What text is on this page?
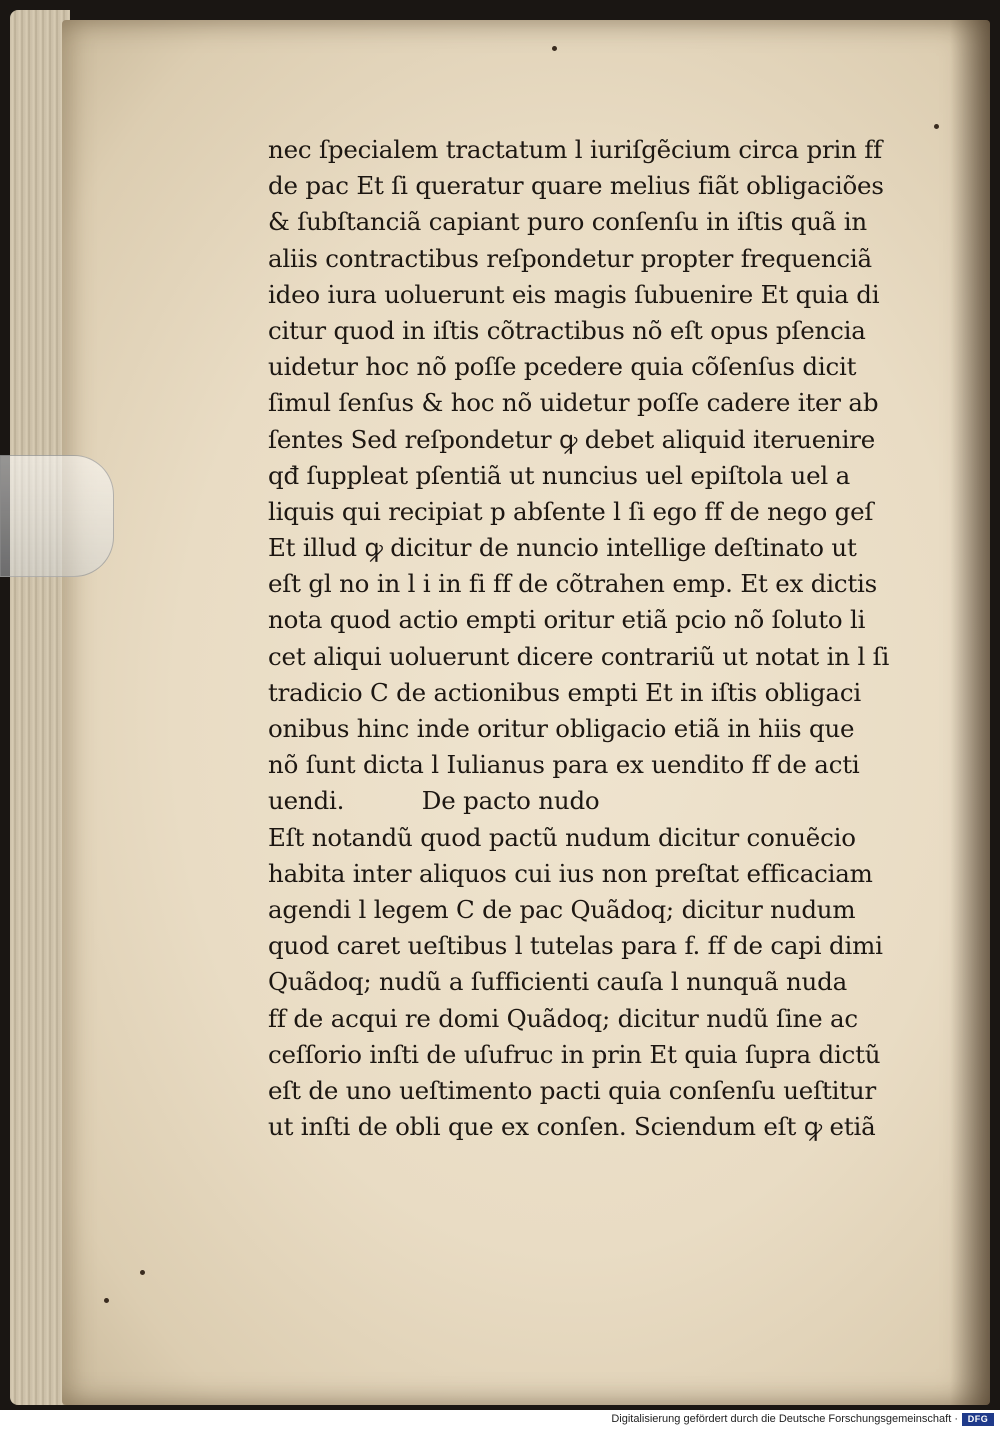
nec ſpecialem tractatum l iuriſgẽcium circa prin ff
de pac Et ſi queratur quare melius fiãt obligaciões
& ſubſtanciã capiant puro conſenſu in iſtis quã in
aliis contractibus reſpondetur propter frequenciã
ideo iura uoluerunt eis magis ſubuenire Et quia di
citur quod in iſtis cõtractibus nõ eſt opus pſencia
uidetur hoc nõ poſſe pcedere quia cõſenſus dicit
ſimul ſenſus & hoc nõ uidetur poſſe cadere iter ab
ſentes Sed reſpondetur ꝙ debet aliquid iteruenire
qđ ſuppleat pſentiã ut nuncius uel epiſtola uel a
liquis qui recipiat p abſente l ſi ego ff de nego geſ
Et illud ꝙ dicitur de nuncio intellige deſtinato ut
eſt gl no in l i in fi ff de cõtrahen emp. Et ex dictis
nota quod actio empti oritur etiã pcio nõ ſoluto li
cet aliqui uoluerunt dicere contrariũ ut notat in l ſi
tradicio C de actionibus empti Et in iſtis obligaci
onibus hinc inde oritur obligacio etiã in hiis que
nõ ſunt dicta l Iulianus para ex uendito ff de acti
uendi.	De pacto nudo
Eſt notandũ quod pactũ nudum dicitur conuẽcio
habita inter aliquos cui ius non preſtat efficaciam
agendi l legem C de pac Quãdoq; dicitur nudum
quod caret ueſtibus l tutelas para f. ff de capi dimi
Quãdoq; nudũ a ſufficienti cauſa l nunquã nuda
ff de acqui re domi Quãdoq; dicitur nudũ ſine ac
ceſſorio inſti de uſufruc in prin Et quia ſupra dictũ
eſt de uno ueſtimento pacti quia conſenſu ueſtitur
ut inſti de obli que ex conſen. Sciendum eſt ꝙ etiã
Digitalisierung gefördert durch die Deutsche Forschungsgemeinschaft ·	DFG
